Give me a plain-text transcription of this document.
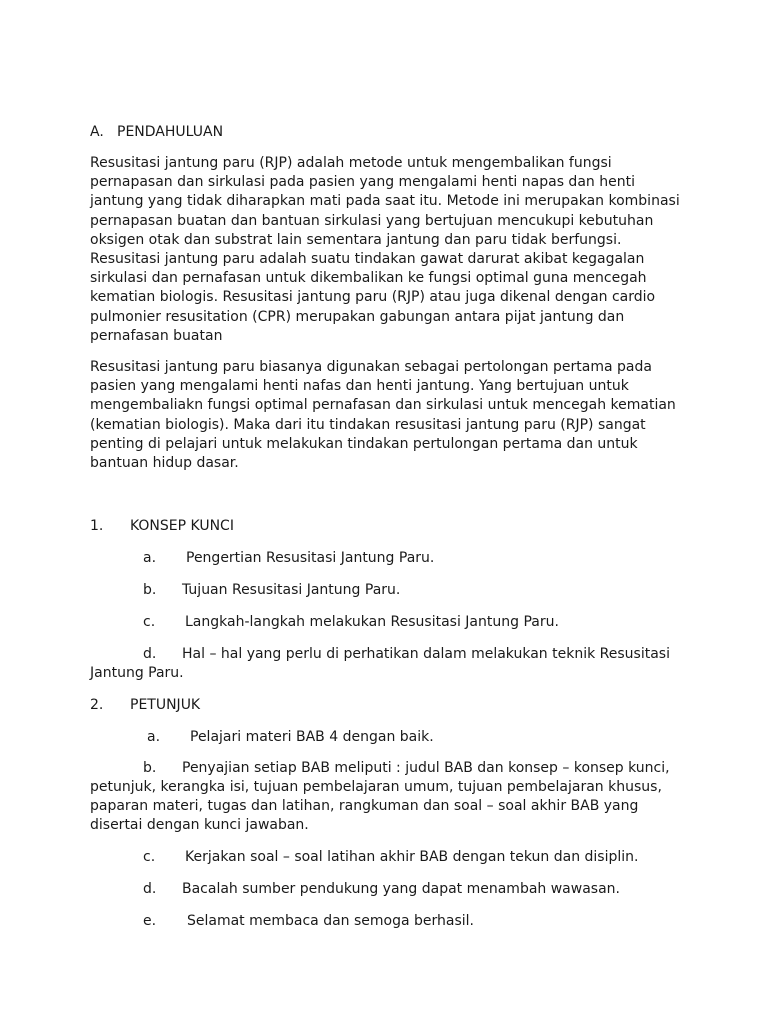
A. PENDAHULUAN
Resusitasi jantung paru (RJP) adalah metode untuk mengembalikan fungsi
pernapasan dan sirkulasi pada pasien yang mengalami henti napas dan henti
jantung yang tidak diharapkan mati pada saat itu. Metode ini merupakan kombinasi
pernapasan buatan dan bantuan sirkulasi yang bertujuan mencukupi kebutuhan
oksigen otak dan substrat lain sementara jantung dan paru tidak berfungsi.
Resusitasi jantung paru adalah suatu tindakan gawat darurat akibat kegagalan
sirkulasi dan pernafasan untuk dikembalikan ke fungsi optimal guna mencegah
kematian biologis. Resusitasi jantung paru (RJP) atau juga dikenal dengan cardio
pulmonier resusitation (CPR) merupakan gabungan antara pijat jantung dan
pernafasan buatan
Resusitasi jantung paru biasanya digunakan sebagai pertolongan pertama pada
pasien yang mengalami henti nafas dan henti jantung. Yang bertujuan untuk
mengembaliakn fungsi optimal pernafasan dan sirkulasi untuk mencegah kematian
(kematian biologis). Maka dari itu tindakan resusitasi jantung paru (RJP) sangat
penting di pelajari untuk melakukan tindakan pertulongan pertama dan untuk
bantuan hidup dasar.
1. KONSEP KUNCI
a. Pengertian Resusitasi Jantung Paru.
b. Tujuan Resusitasi Jantung Paru.
c. Langkah-langkah melakukan Resusitasi Jantung Paru.
d. Hal – hal yang perlu di perhatikan dalam melakukan teknik Resusitasi
Jantung Paru.
2. PETUNJUK
a. Pelajari materi BAB 4 dengan baik.
b. Penyajian setiap BAB meliputi : judul BAB dan konsep – konsep kunci,
petunjuk, kerangka isi, tujuan pembelajaran umum, tujuan pembelajaran khusus,
paparan materi, tugas dan latihan, rangkuman dan soal – soal akhir BAB yang
disertai dengan kunci jawaban.
c. Kerjakan soal – soal latihan akhir BAB dengan tekun dan disiplin.
d. Bacalah sumber pendukung yang dapat menambah wawasan.
e. Selamat membaca dan semoga berhasil.
